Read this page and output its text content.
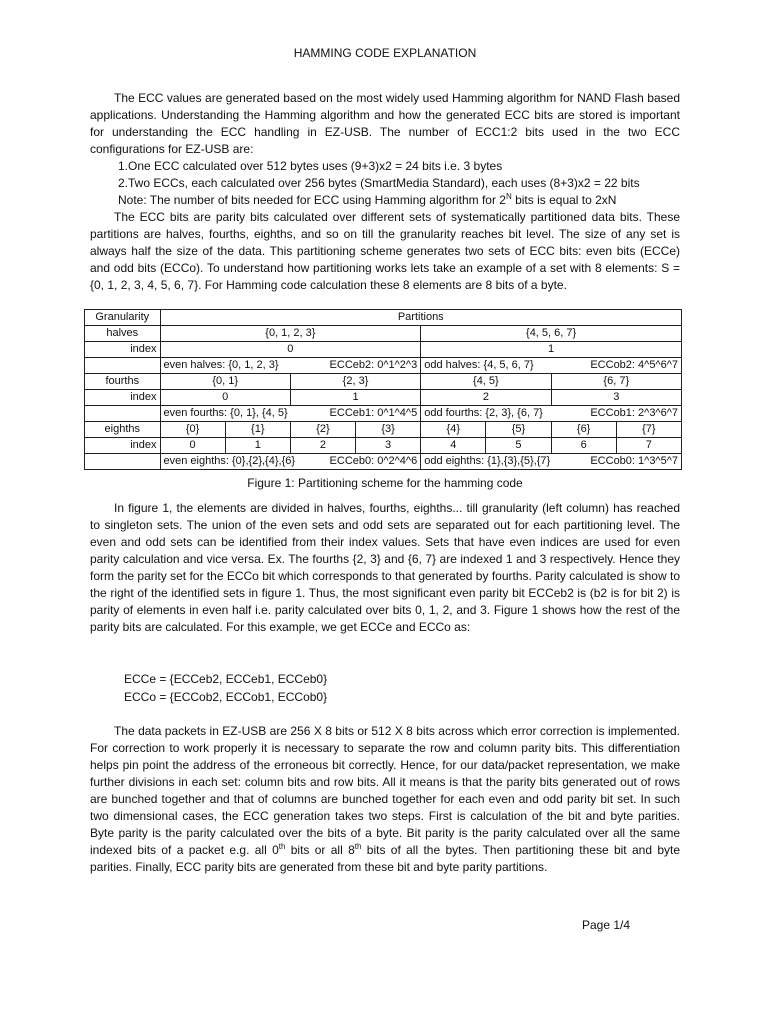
HAMMING CODE EXPLANATION

The ECC values are generated based on the most widely used Hamming algorithm for NAND Flash based applications. Understanding the Hamming algorithm and how the generated ECC bits are stored is important for understanding the ECC handling in EZ-USB. The number of ECC1:2 bits used in the two ECC configurations for EZ-USB are:

1.One ECC calculated over 512 bytes uses (9+3)x2 = 24 bits i.e. 3 bytes
2.Two ECCs, each calculated over 256 bytes (SmartMedia Standard), each uses (8+3)x2 = 22 bits
Note: The number of bits needed for ECC using Hamming algorithm for $2^N$ bits is equal to 2xN

The ECC bits are parity bits calculated over different sets of systematically partitioned data bits. These partitions are halves, fourths, eighths, and so on till the granularity reaches bit level. The size of any set is always half the size of the data. This partitioning scheme generates two sets of ECC bits: even bits (ECCe) and odd bits (ECCo). To understand how partitioning works lets take an example of a set with 8 elements: S = {0, 1, 2, 3, 4, 5, 6, 7}. For Hamming code calculation these 8 elements are 8 bits of a byte.

Granularity	Partitions							
halves	{0, 1, 2, 3}				{4, 5, 6, 7}			
index	0				1			
	even halves: {0, 1, 2, 3} ECCeb2: 0^1^2^3				odd halves: {4, 5, 6, 7} ECCob2: 4^5^6^7			

fourths	{0, 1}		{2, 3}		{4, 5}		{6, 7}	
index	0		1		2		3	
	even fourths: {0, 1}, {4, 5} ECCeb1: 0^1^4^5				odd fourths: {2, 3}, {6, 7} ECCob1: 2^3^6^7			

eighths	{0}	{1}	{2}	{3}	{4}	{5}	{6}	{7}
index	0	1	2	3	4	5	6	7
	even eighths: {0},{2},{4},{6} ECCeb0: 0^2^4^6				odd eighths: {1},{3},{5},{7} ECCob0: 1^3^5^7			
Figure 1: Partitioning scheme for the hamming code

In figure 1, the elements are divided in halves, fourths, eighths... till granularity (left column) has reached to singleton sets. The union of the even sets and odd sets are separated out for each partitioning level. The even and odd sets can be identified from their index values. Sets that have even indices are used for even parity calculation and vice versa. Ex. The fourths {2, 3} and {6, 7} are indexed 1 and 3 respectively. Hence they form the parity set for the ECCo bit which corresponds to that generated by fourths. Parity calculated is show to the right of the identified sets in figure 1. Thus, the most significant even parity bit ECCeb2 is (b2 is for bit 2) is parity of elements in even half i.e. parity calculated over bits 0, 1, 2, and 3. Figure 1 shows how the rest of the parity bits are calculated. For this example, we get ECCe and ECCo as:

ECCe = {ECCeb2, ECCeb1, ECCeb0}
ECCo = {ECCob2, ECCob1, ECCob0}

The data packets in EZ-USB are 256 X 8 bits or 512 X 8 bits across which error correction is implemented. For correction to work properly it is necessary to separate the row and column parity bits. This differentiation helps pin point the address of the erroneous bit correctly. Hence, for our data/packet representation, we make further divisions in each set: column bits and row bits. All it means is that the parity bits generated out of rows are bunched together and that of columns are bunched together for each even and odd parity bit set. In such two dimensional cases, the ECC generation takes two steps. First is calculation of the bit and byte parities. Byte parity is the parity calculated over the bits of a byte. Bit parity is the parity calculated over all the same indexed bits of a packet e.g. all 0th bits or all 8th bits of all the bytes. Then partitioning these bit and byte parities. Finally, ECC parity bits are generated from these bit and byte parity partitions.

Page 1/4
